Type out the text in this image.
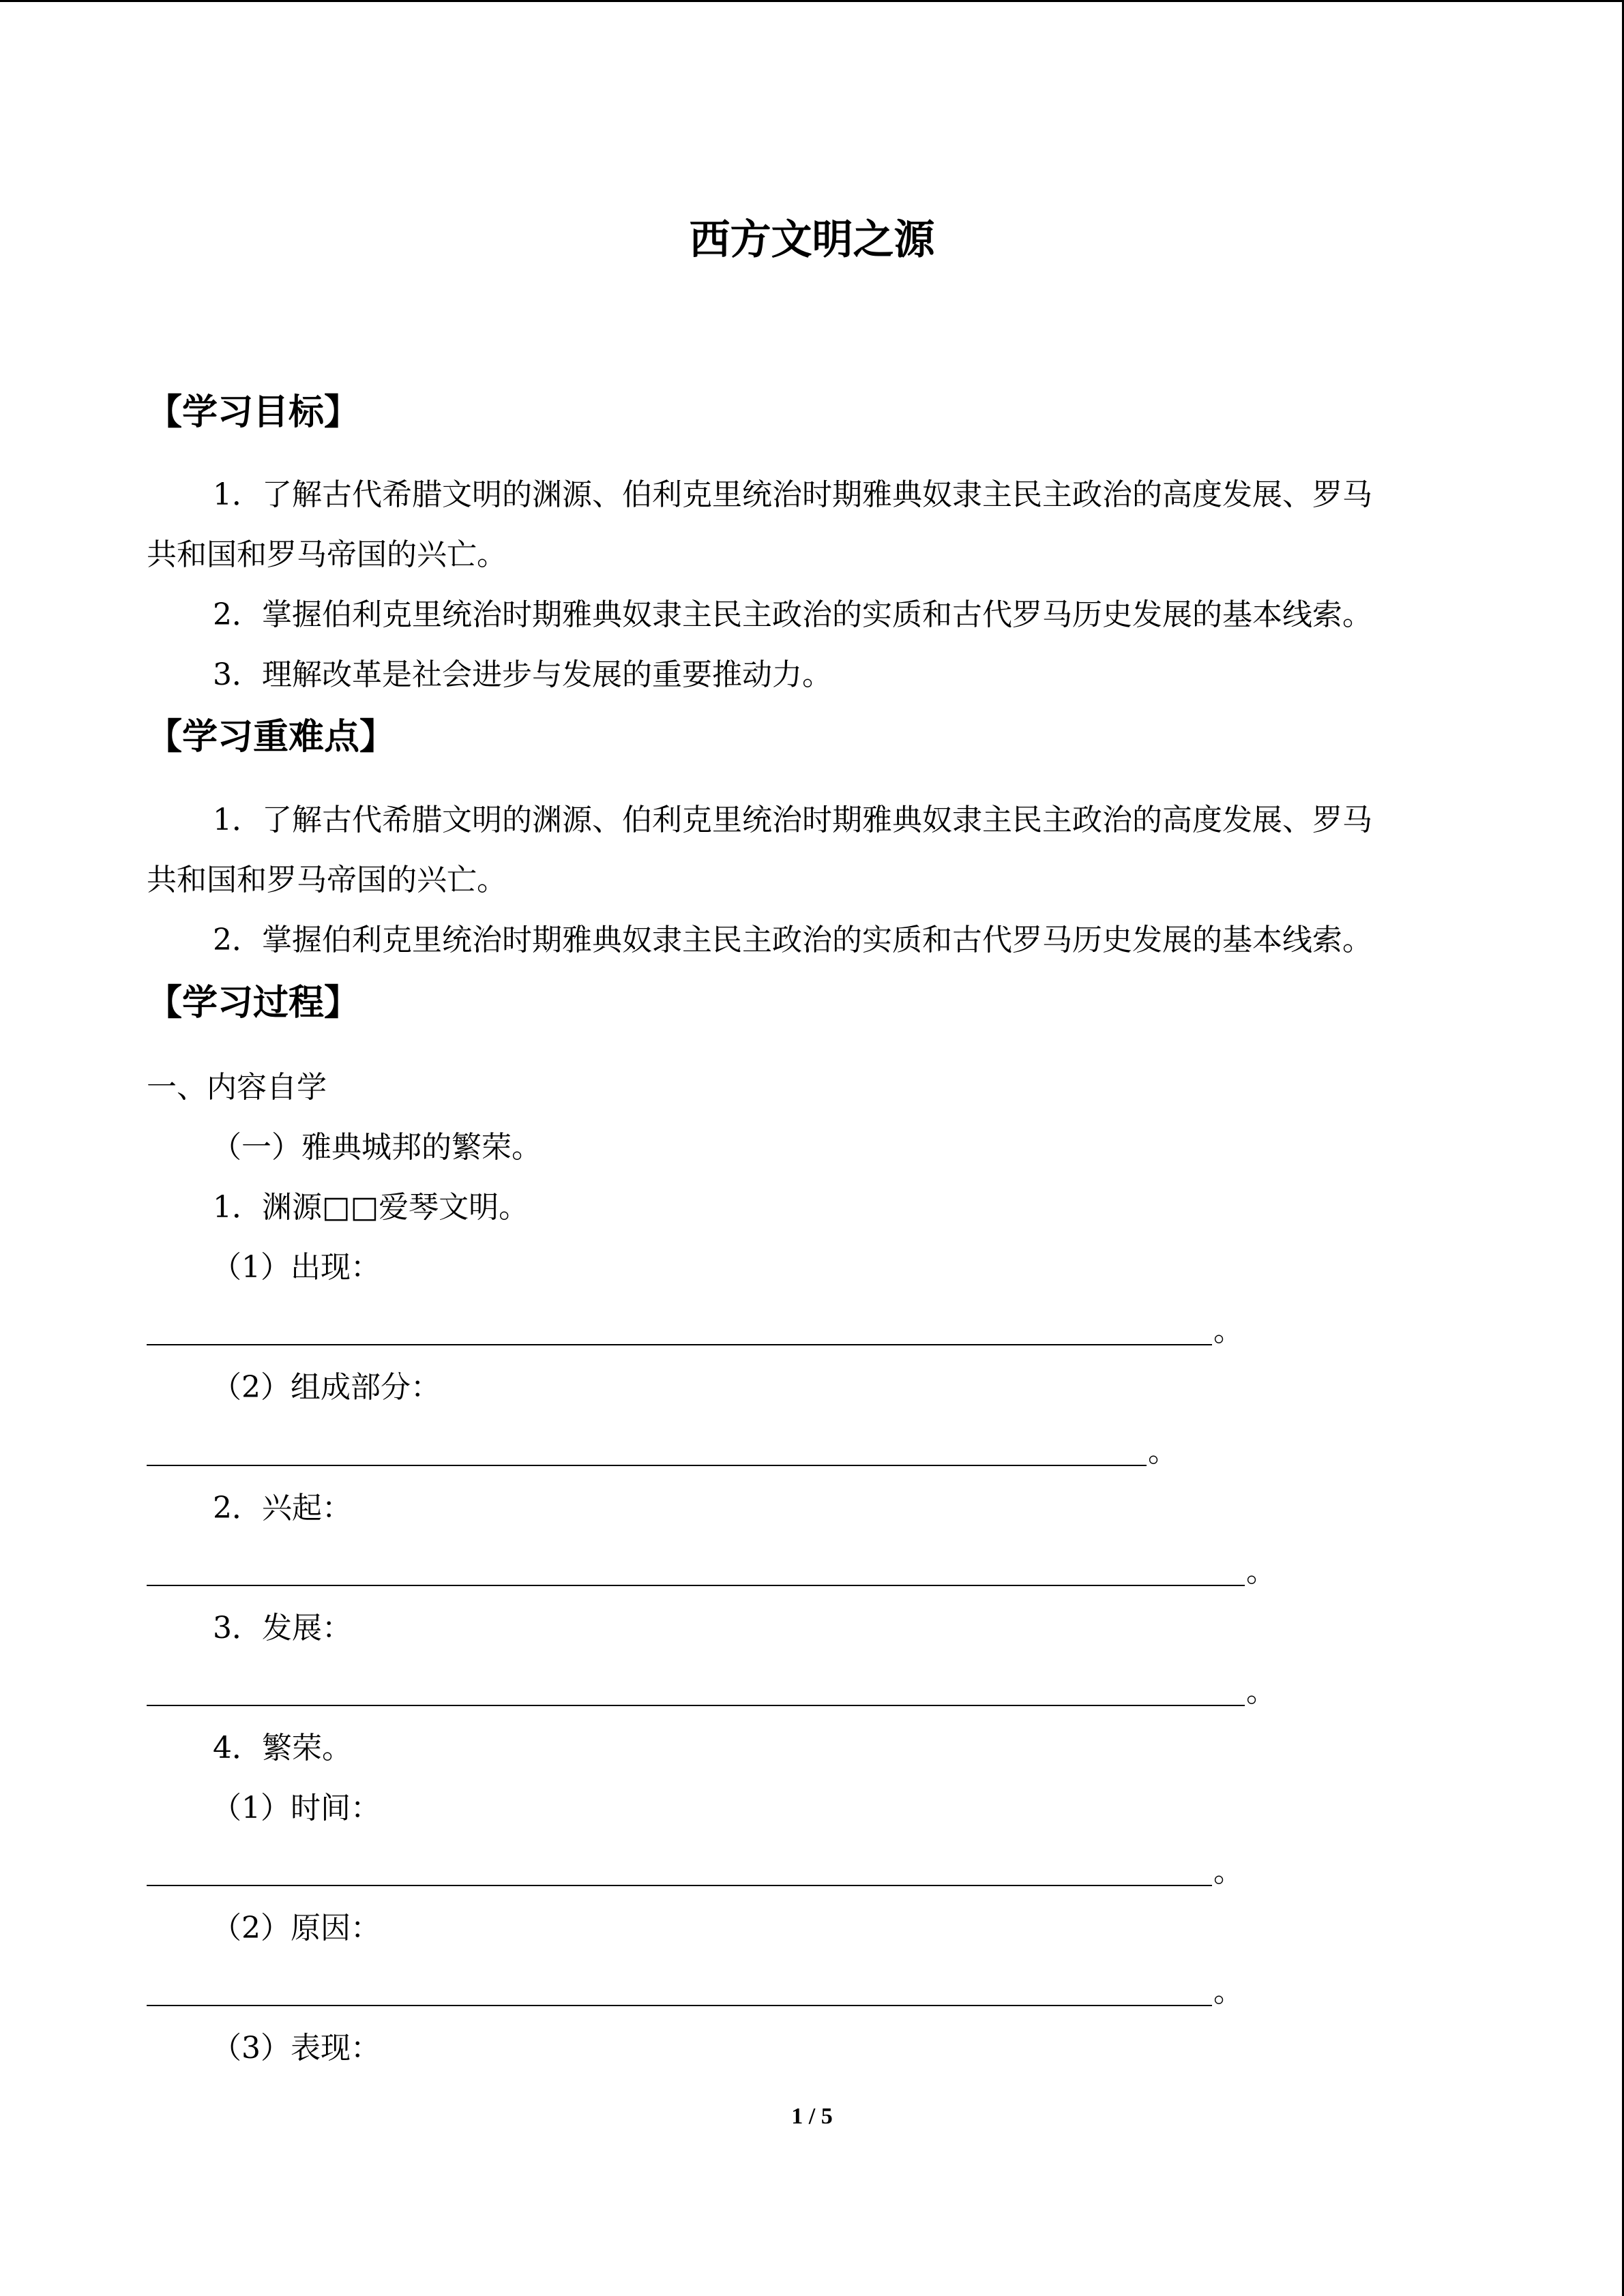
西方文明之源
【学习目标】
1．了解古代希腊文明的渊源、伯利克里统治时期雅典奴隶主民主政治的高度发展、罗马
共和国和罗马帝国的兴亡。
2．掌握伯利克里统治时期雅典奴隶主民主政治的实质和古代罗马历史发展的基本线索。
3．理解改革是社会进步与发展的重要推动力。
【学习重难点】
1．了解古代希腊文明的渊源、伯利克里统治时期雅典奴隶主民主政治的高度发展、罗马
共和国和罗马帝国的兴亡。
2．掌握伯利克里统治时期雅典奴隶主民主政治的实质和古代罗马历史发展的基本线索。
【学习过程】
一、内容自学
（一）雅典城邦的繁荣。
1．渊源□□爱琴文明。
（1）出现：
。
（2）组成部分：
。
2．兴起：
。
3．发展：
。
4．繁荣。
（1）时间：
。
（2）原因：
。
（3）表现：
1 / 5
